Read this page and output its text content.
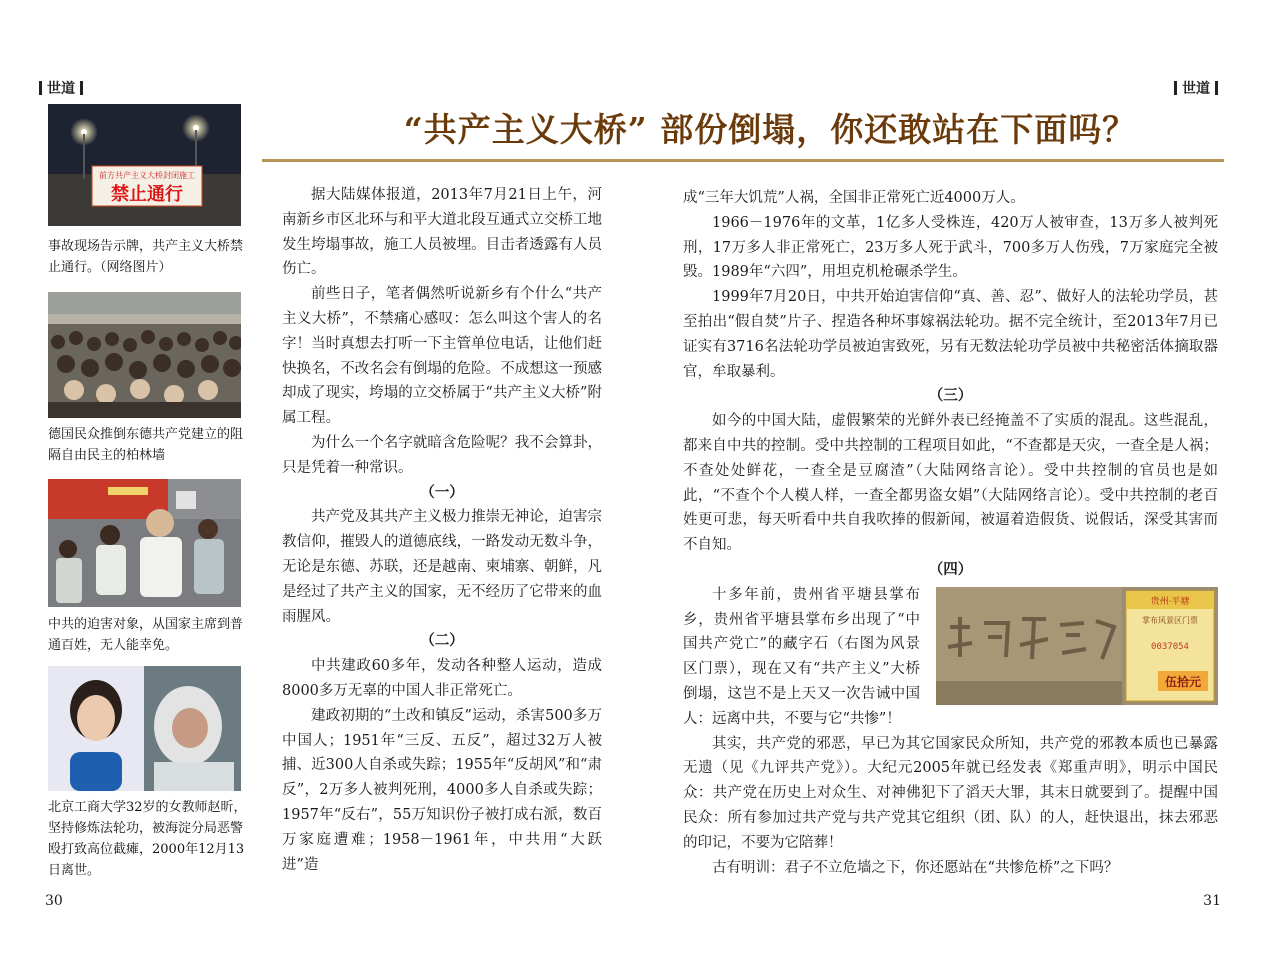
世道	世道
“共产主义大桥” 部份倒塌，你还敢站在下面吗？
前方共产主义大桥封闭施工
禁止通行
事故现场告示牌，共产主义大桥禁止通行。（网络图片）
德国民众推倒东德共产党建立的阻隔自由民主的柏林墙
中共的迫害对象，从国家主席到普通百姓，无人能幸免。
北京工商大学32岁的女教师赵昕，坚持修炼法轮功，被海淀分局恶警殴打致高位截瘫，2000年12月13日离世。

据大陆媒体报道，2013年7月21日上午，河南新乡市区北环与和平大道北段互通式立交桥工地发生垮塌事故，施工人员被埋。目击者透露有人员伤亡。

前些日子，笔者偶然听说新乡有个什么“共产主义大桥”，不禁痛心感叹：怎么叫这个害人的名字！当时真想去打听一下主管单位电话，让他们赶快换名，不改名会有倒塌的危险。不成想这一预感却成了现实，垮塌的立交桥属于“共产主义大桥”附属工程。

为什么一个名字就暗含危险呢？我不会算卦，只是凭着一种常识。

（一）

共产党及其共产主义极力推崇无神论，迫害宗教信仰，摧毁人的道德底线，一路发动无数斗争，无论是东德、苏联，还是越南、柬埔寨、朝鲜，凡是经过了共产主义的国家，无不经历了它带来的血雨腥风。

（二）

中共建政60多年，发动各种整人运动，造成8000多万无辜的中国人非正常死亡。

建政初期的“土改和镇反”运动，杀害500多万中国人；1951年“三反、五反”，超过32万人被捕、近300人自杀或失踪；1955年“反胡风”和“肃反”，2万多人被判死刑，4000多人自杀或失踪；1957年“反右”，55万知识份子被打成右派，数百万家庭遭难；1958－1961年，中共用“大跃进”造

成“三年大饥荒”人祸，全国非正常死亡近4000万人。

1966－1976年的文革，1亿多人受株连，420万人被审查，13万多人被判死刑，17万多人非正常死亡，23万多人死于武斗，700多万人伤残，7万家庭完全被毁。1989年“六四”，用坦克机枪碾杀学生。

1999年7月20日，中共开始迫害信仰“真、善、忍”、做好人的法轮功学员，甚至拍出“假自焚”片子、捏造各种坏事嫁祸法轮功。据不完全统计，至2013年7月已证实有3716名法轮功学员被迫害致死，另有无数法轮功学员被中共秘密活体摘取器官，牟取暴利。

（三）

如今的中国大陆，虚假繁荣的光鲜外表已经掩盖不了实质的混乱。这些混乱，都来自中共的控制。受中共控制的工程项目如此，“不查都是天灾，一查全是人祸；不查处处鲜花，一查全是豆腐渣”（大陆网络言论）。受中共控制的官员也是如此，“不查个个人模人样，一查全都男盗女娼”（大陆网络言论）。受中共控制的老百姓更可悲，每天听看中共自我吹捧的假新闻，被逼着造假货、说假话，深受其害而不自知。

（四）

贵州·平塘
掌布风景区门票
0037054
伍拾元

十多年前，贵州省平塘县掌布乡，贵州省平塘县掌布乡出现了“中国共产党亡”的藏字石（右图为风景区门票），现在又有“共产主义”大桥倒塌，这岂不是上天又一次告诫中国人：远离中共，不要与它“共惨”！

其实，共产党的邪恶，早已为其它国家民众所知，共产党的邪教本质也已暴露无遗（见《九评共产党》）。大纪元2005年就已经发表《郑重声明》，明示中国民众：共产党在历史上对众生、对神佛犯下了滔天大罪，其末日就要到了。提醒中国民众：所有参加过共产党与共产党其它组织（团、队）的人，赶快退出，抹去邪恶的印记，不要为它陪葬！

古有明训：君子不立危墙之下，你还愿站在“共惨危桥”之下吗？

30	31
